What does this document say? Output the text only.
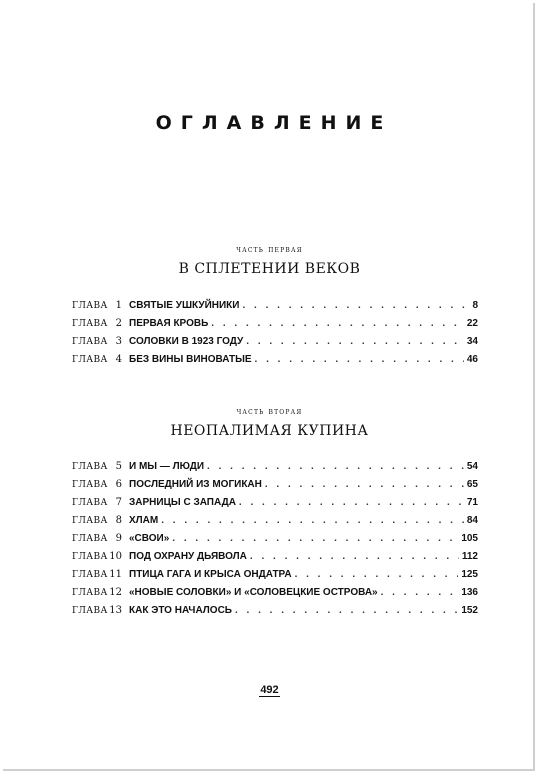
ОГЛАВЛЕНИЕ
часть первая
В СПЛЕТЕНИИ ВЕКОВ
ГЛАВА 1 СВЯТЫЕ УШКУЙНИКИ . . .	8
ГЛАВА 2 ПЕРВАЯ КРОВЬ . . .	22
ГЛАВА 3 СОЛОВКИ В 1923 ГОДУ . . .	34
ГЛАВА 4 БЕЗ ВИНЫ ВИНОВАТЫЕ . . .	46
часть вторая
НЕОПАЛИМАЯ КУПИНА
ГЛАВА 5 И МЫ — ЛЮДИ . . .	54
ГЛАВА 6 ПОСЛЕДНИЙ ИЗ МОГИКАН . . .	65
ГЛАВА 7 ЗАРНИЦЫ С ЗАПАДА . . .	71
ГЛАВА 8 ХЛАМ . . .	84
ГЛАВА 9 «СВОИ» . . .	105
ГЛАВА 10 ПОД ОХРАНУ ДЬЯВОЛА . . .	112
ГЛАВА 11 ПТИЦА ГАГА И КРЫСА ОНДАТРА . . .	125
ГЛАВА 12 «НОВЫЕ СОЛОВКИ» И «СОЛОВЕЦКИЕ ОСТРОВА» . . .	136
ГЛАВА 13 КАК ЭТО НАЧАЛОСЬ . . .	152
492
